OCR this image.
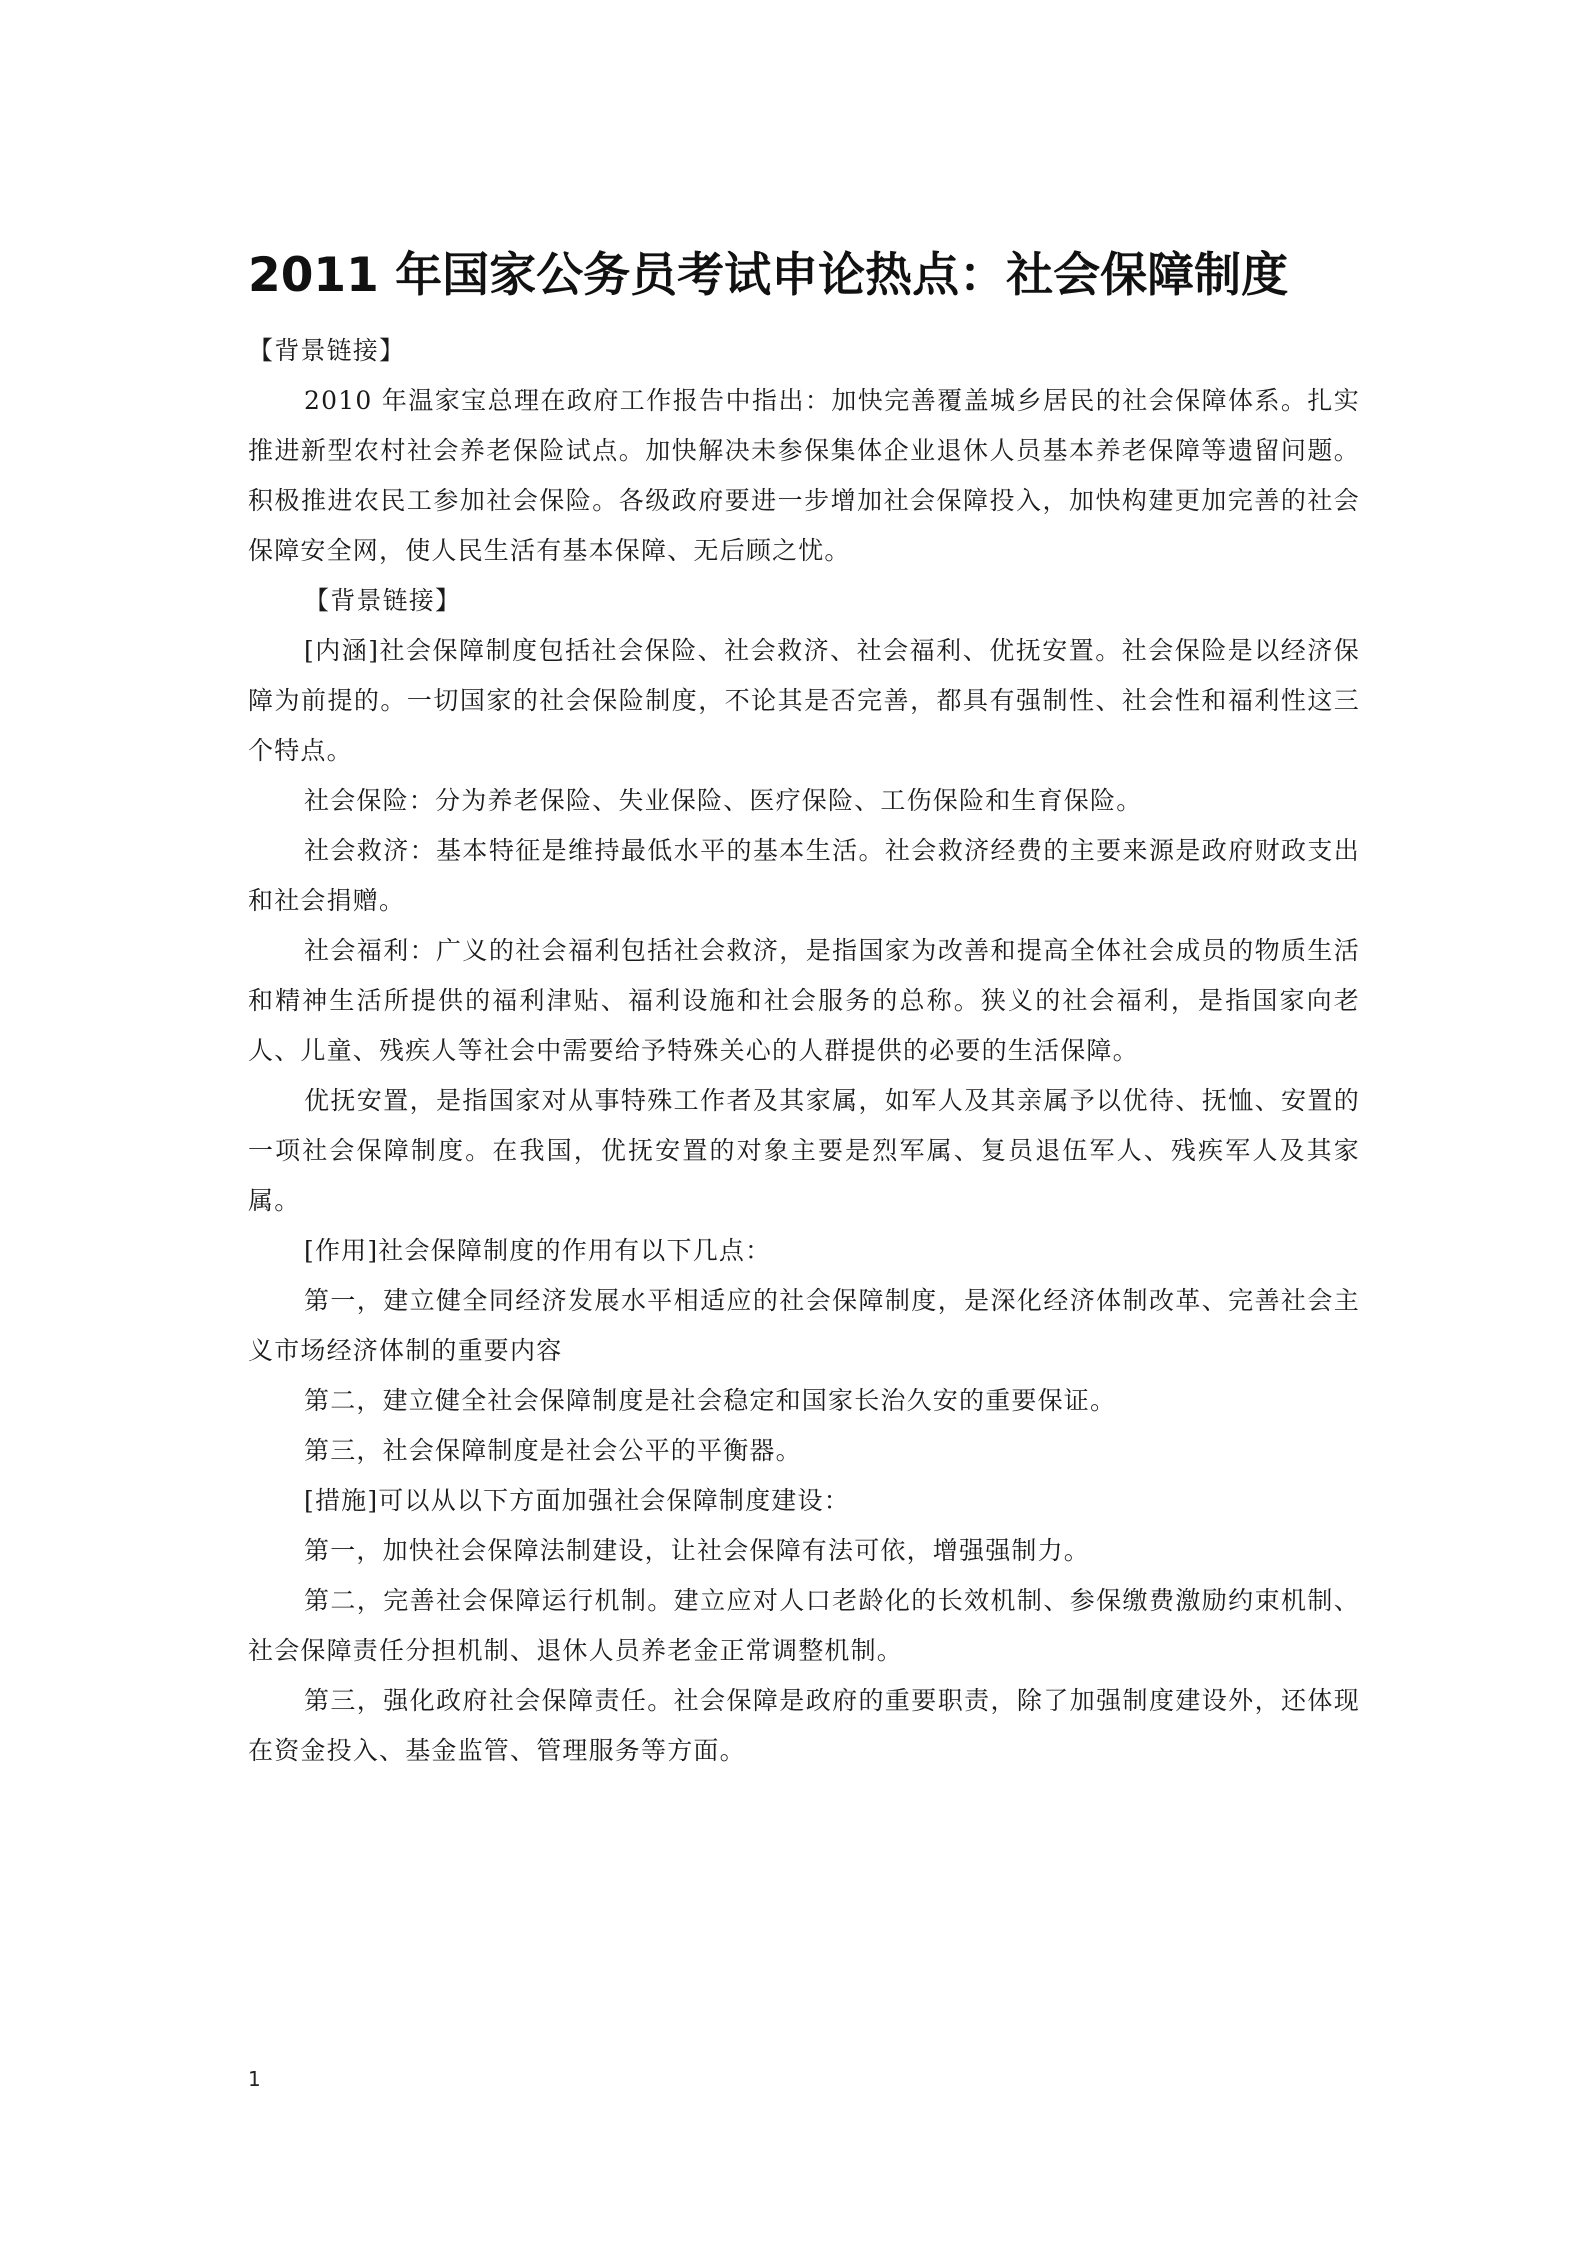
2011 年国家公务员考试申论热点：社会保障制度

【背景链接】

2010 年温家宝总理在政府工作报告中指出：加快完善覆盖城乡居民的社会保障体系。扎实推进新型农村社会养老保险试点。加快解决未参保集体企业退休人员基本养老保障等遗留问题。积极推进农民工参加社会保险。各级政府要进一步增加社会保障投入，加快构建更加完善的社会保障安全网，使人民生活有基本保障、无后顾之忧。

【背景链接】

[内涵]社会保障制度包括社会保险、社会救济、社会福利、优抚安置。社会保险是以经济保障为前提的。一切国家的社会保险制度，不论其是否完善，都具有强制性、社会性和福利性这三个特点。

社会保险：分为养老保险、失业保险、医疗保险、工伤保险和生育保险。

社会救济：基本特征是维持最低水平的基本生活。社会救济经费的主要来源是政府财政支出和社会捐赠。

社会福利：广义的社会福利包括社会救济，是指国家为改善和提高全体社会成员的物质生活和精神生活所提供的福利津贴、福利设施和社会服务的总称。狭义的社会福利，是指国家向老人、儿童、残疾人等社会中需要给予特殊关心的人群提供的必要的生活保障。

优抚安置，是指国家对从事特殊工作者及其家属，如军人及其亲属予以优待、抚恤、安置的一项社会保障制度。在我国，优抚安置的对象主要是烈军属、复员退伍军人、残疾军人及其家属。

[作用]社会保障制度的作用有以下几点：

第一，建立健全同经济发展水平相适应的社会保障制度，是深化经济体制改革、完善社会主义市场经济体制的重要内容

第二，建立健全社会保障制度是社会稳定和国家长治久安的重要保证。

第三，社会保障制度是社会公平的平衡器。

[措施]可以从以下方面加强社会保障制度建设：

第一，加快社会保障法制建设，让社会保障有法可依，增强强制力。

第二，完善社会保障运行机制。建立应对人口老龄化的长效机制、参保缴费激励约束机制、社会保障责任分担机制、退休人员养老金正常调整机制。

第三，强化政府社会保障责任。社会保障是政府的重要职责，除了加强制度建设外，还体现在资金投入、基金监管、管理服务等方面。

1
